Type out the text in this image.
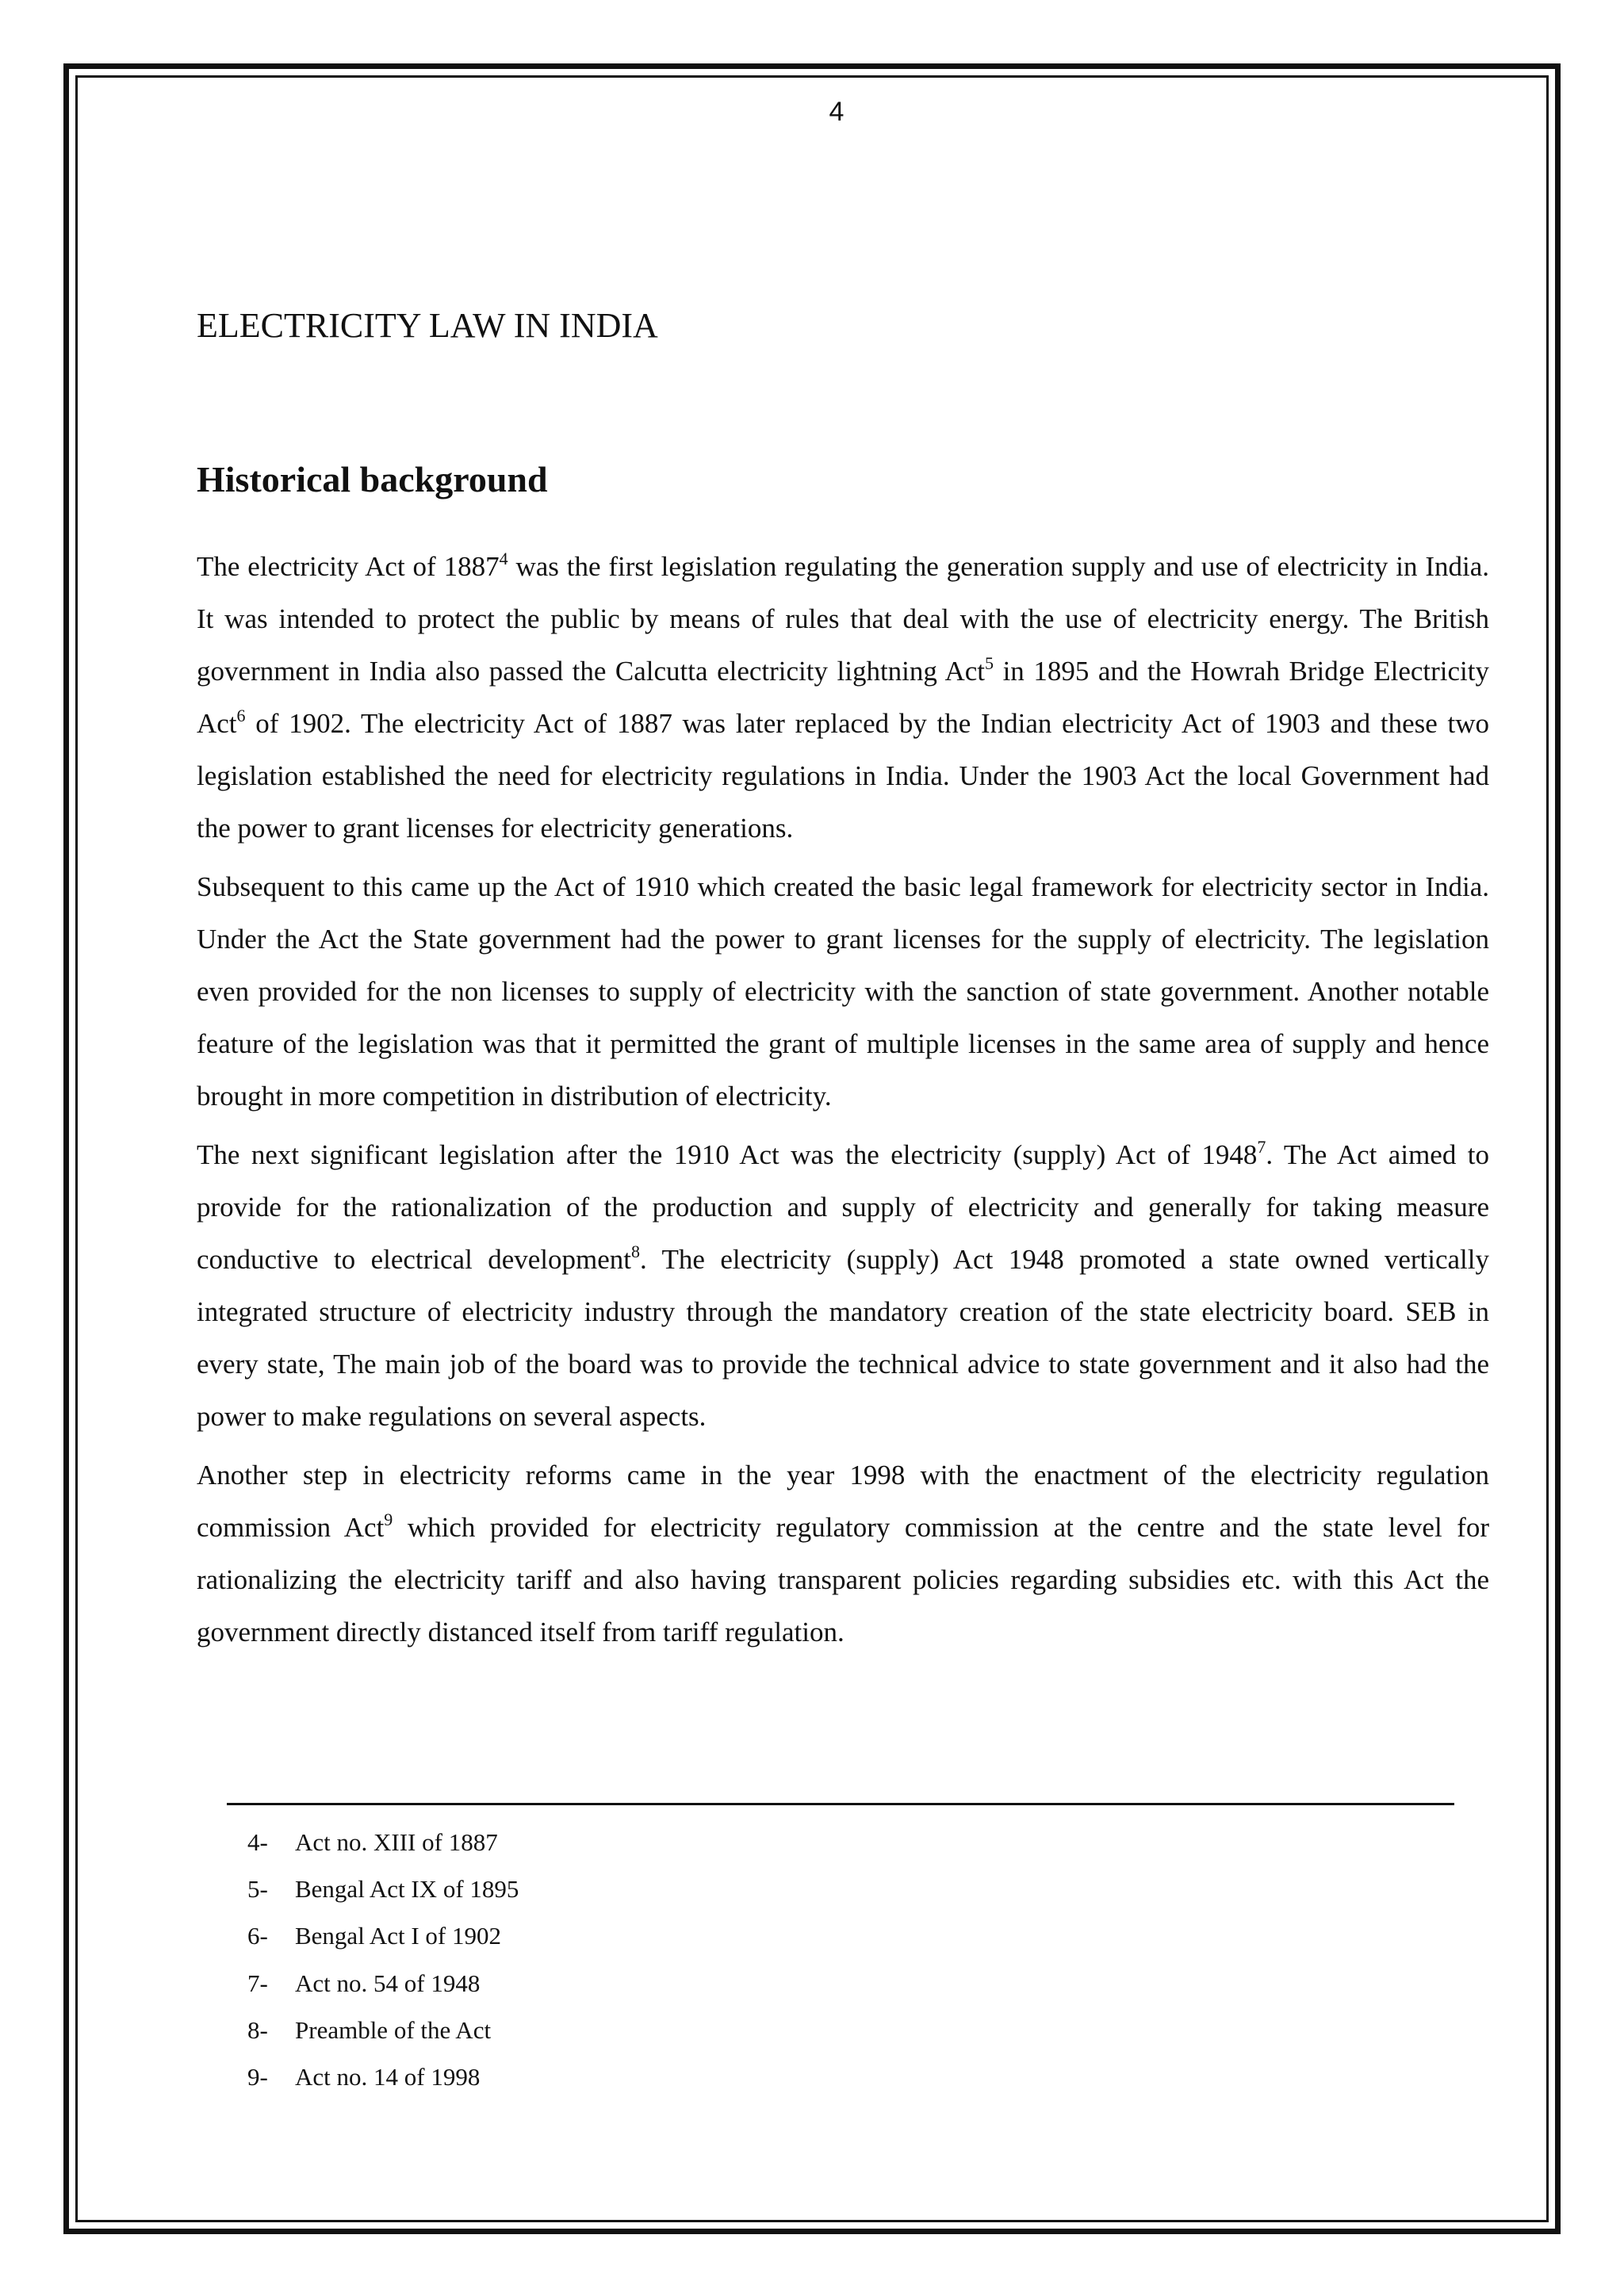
4
ELECTRICITY LAW IN INDIA
Historical background

The electricity Act of 1887$^4$ was the first legislation regulating the generation supply and use of electricity in India. It was intended to protect the public by means of rules that deal with the use of electricity energy. The British government in India also passed the Calcutta electricity lightning Act$^5$ in 1895 and the Howrah Bridge Electricity Act$^6$ of 1902. The electricity Act of 1887 was later replaced by the Indian electricity Act of 1903 and these two legislation established the need for electricity regulations in India. Under the 1903 Act the local Government had the power to grant licenses for electricity generations.

Subsequent to this came up the Act of 1910 which created the basic legal framework for electricity sector in India. Under the Act the State government had the power to grant licenses for the supply of electricity. The legislation even provided for the non licenses to supply of electricity with the sanction of state government. Another notable feature of the legislation was that it permitted the grant of multiple licenses in the same area of supply and hence brought in more competition in distribution of electricity.

The next significant legislation after the 1910 Act was the electricity (supply) Act of 1948$^7$. The Act aimed to provide for the rationalization of the production and supply of electricity and generally for taking measure conductive to electrical development$^8$. The electricity (supply) Act 1948 promoted a state owned vertically integrated structure of electricity industry through the mandatory creation of the state electricity board. SEB in every state, The main job of the board was to provide the technical advice to state government and it also had the power to make regulations on several aspects.

Another step in electricity reforms came in the year 1998 with the enactment of the electricity regulation commission Act$^9$ which provided for electricity regulatory commission at the centre and the state level for rationalizing the electricity tariff and also having transparent policies regarding subsidies etc. with this Act the government directly distanced itself from tariff regulation.

4- Act no. XIII of 1887
5- Bengal Act IX of 1895
6- Bengal Act I of 1902
7- Act no. 54 of 1948
8- Preamble of the Act
9- Act no. 14 of 1998
